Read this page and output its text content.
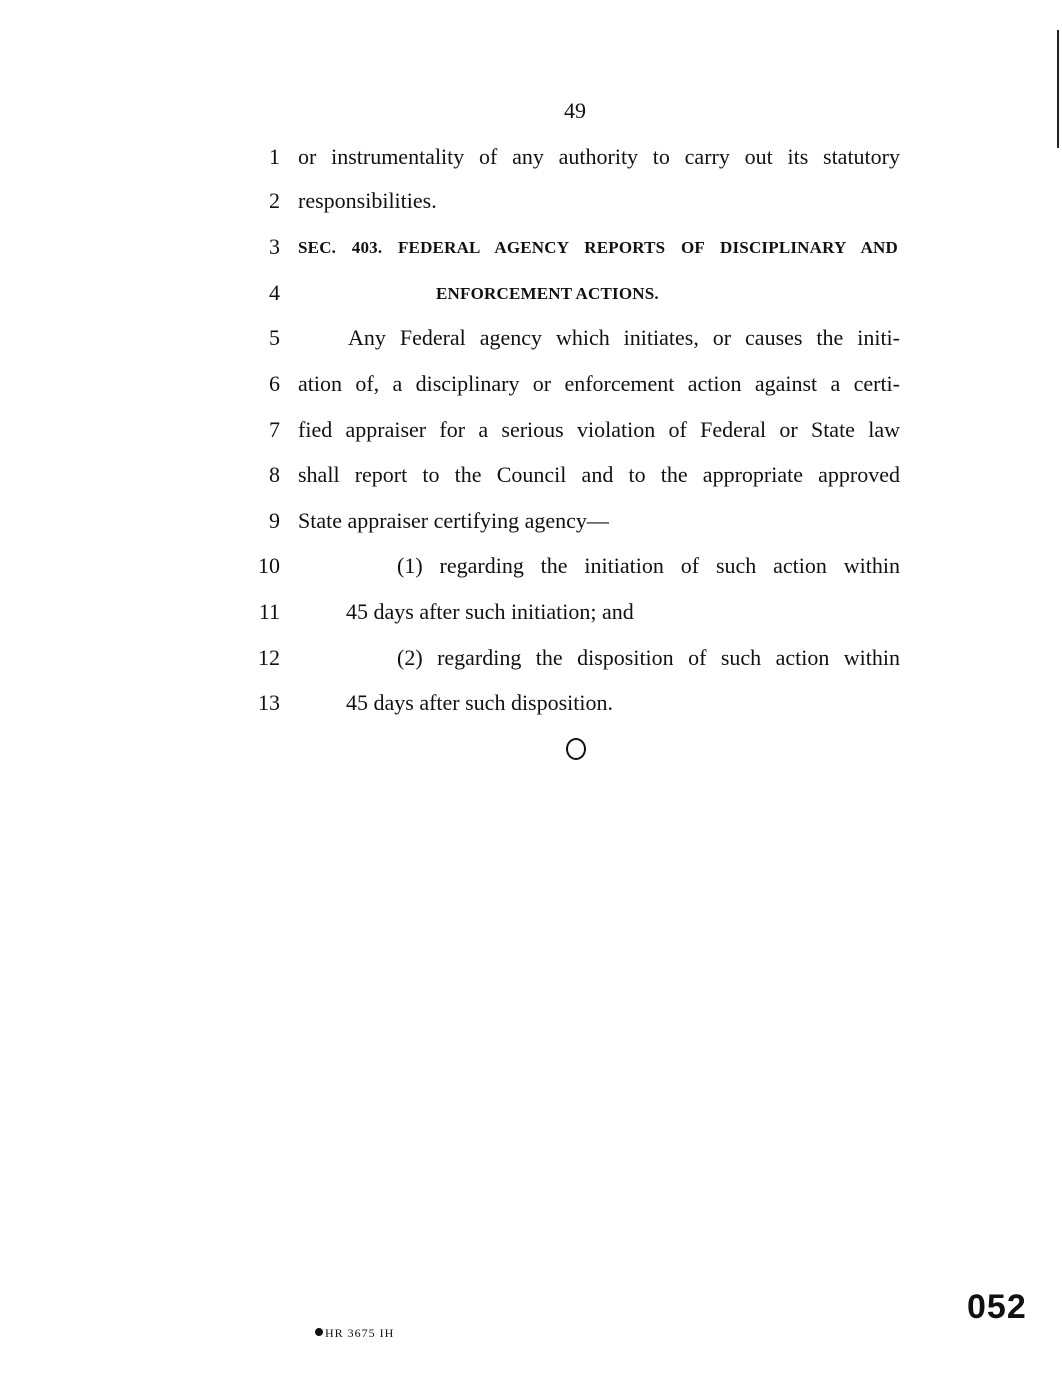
49
1 or instrumentality of any authority to carry out its statutory
2 responsibilities.
3 SEC. 403. FEDERAL AGENCY REPORTS OF DISCIPLINARY AND
4	ENFORCEMENT ACTIONS.
5	Any Federal agency which initiates, or causes the initi-
6 ation of, a disciplinary or enforcement action against a certi-
7 fied appraiser for a serious violation of Federal or State law
8 shall report to the Council and to the appropriate approved
9 State appraiser certifying agency—
10	(1) regarding the initiation of such action within
11	45 days after such initiation; and
12	(2) regarding the disposition of such action within
13	45 days after such disposition.
HR 3675 IH
052
